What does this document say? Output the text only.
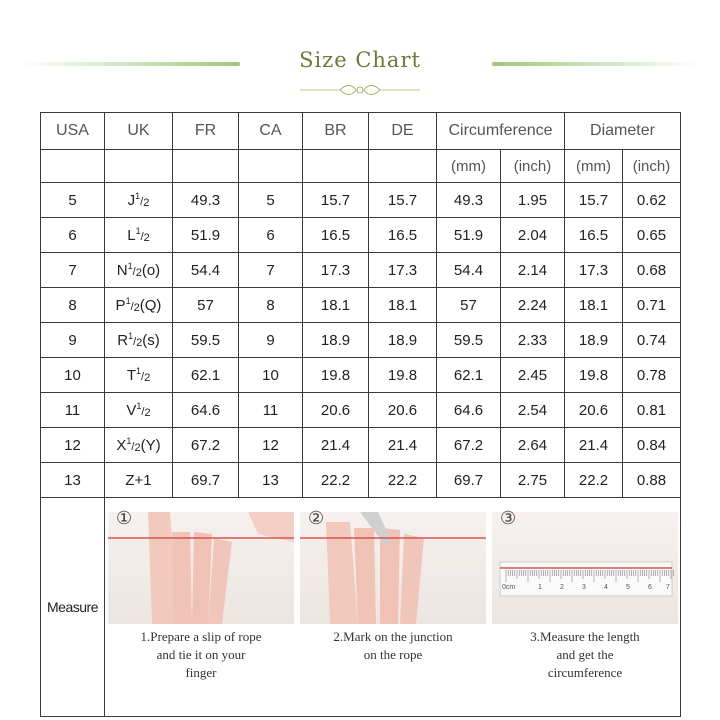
Size Chart
USA	UK	FR	CA	BR	DE	Circumference		Diameter	
						(mm)	(inch)	(mm)	(inch)
5	$J^1/_2$	49.3	5	15.7	15.7	49.3	1.95	15.7	0.62
6	$L^1/_2$	51.9	6	16.5	16.5	51.9	2.04	16.5	0.65
7	$N^1/_2(o)$	54.4	7	17.3	17.3	54.4	2.14	17.3	0.68
8	$P^1/_2(Q)$	57	8	18.1	18.1	57	2.24	18.1	0.71
9	$R^1/_2(s)$	59.5	9	18.9	18.9	59.5	2.33	18.9	0.74
10	$T^1/_2$	62.1	10	19.8	19.8	62.1	2.45	19.8	0.78
11	$V^1/_2$	64.6	11	20.6	20.6	64.6	2.54	20.6	0.81
12	$X^1/_2(Y)$	67.2	12	21.4	21.4	67.2	2.64	21.4	0.84
13	Z+1	69.7	13	22.2	22.2	69.7	2.75	22.2	0.88
Measure									
①
1.Prepare a slip of rope
and tie it on your
finger
②
2.Mark on the junction
on the rope
③
0cm	1	2	3	4	5	6 7
3.Measure the length
and get the
circumference
